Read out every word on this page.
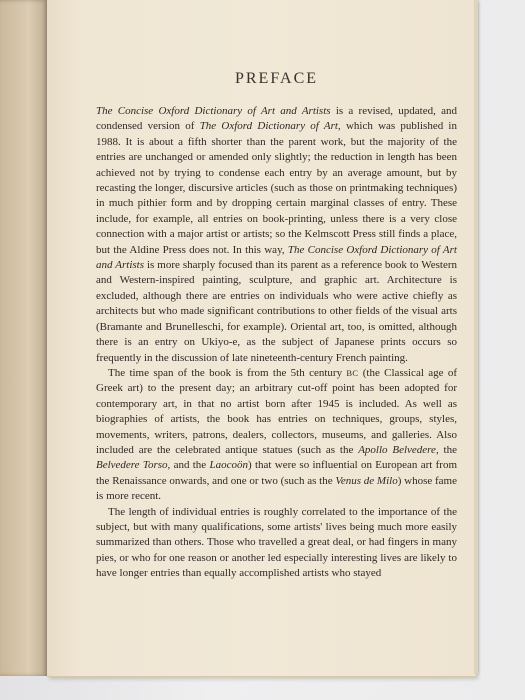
PREFACE

The Concise Oxford Dictionary of Art and Artists is a revised, updated, and condensed version of The Oxford Dictionary of Art, which was published in 1988. It is about a fifth shorter than the parent work, but the majority of the entries are unchanged or amended only slightly; the reduction in length has been achieved not by trying to condense each entry by an average amount, but by recasting the longer, discursive articles (such as those on printmaking techniques) in much pithier form and by dropping certain marginal classes of entry. These include, for example, all entries on book-printing, unless there is a very close connection with a major artist or artists; so the Kelmscott Press still finds a place, but the Aldine Press does not. In this way, The Concise Oxford Dictionary of Art and Artists is more sharply focused than its parent as a reference book to Western and Western-inspired painting, sculpture, and graphic art. Architecture is excluded, although there are entries on individuals who were active chiefly as architects but who made significant contributions to other fields of the visual arts (Bramante and Brunelleschi, for example). Oriental art, too, is omitted, although there is an entry on Ukiyo-e, as the subject of Japanese prints occurs so frequently in the discussion of late nineteenth-century French painting.

The time span of the book is from the 5th century BC (the Classical age of Greek art) to the present day; an arbitrary cut-off point has been adopted for contemporary art, in that no artist born after 1945 is included. As well as biographies of artists, the book has entries on techniques, groups, styles, movements, writers, patrons, dealers, collectors, museums, and galleries. Also included are the celebrated antique statues (such as the Apollo Belvedere, the Belvedere Torso, and the Laocoön) that were so influential on European art from the Renaissance onwards, and one or two (such as the Venus de Milo) whose fame is more recent.

The length of individual entries is roughly correlated to the importance of the subject, but with many qualifications, some artists' lives being much more easily summarized than others. Those who travelled a great deal, or had fingers in many pies, or who for one reason or another led especially interesting lives are likely to have longer entries than equally accomplished artists who stayed
